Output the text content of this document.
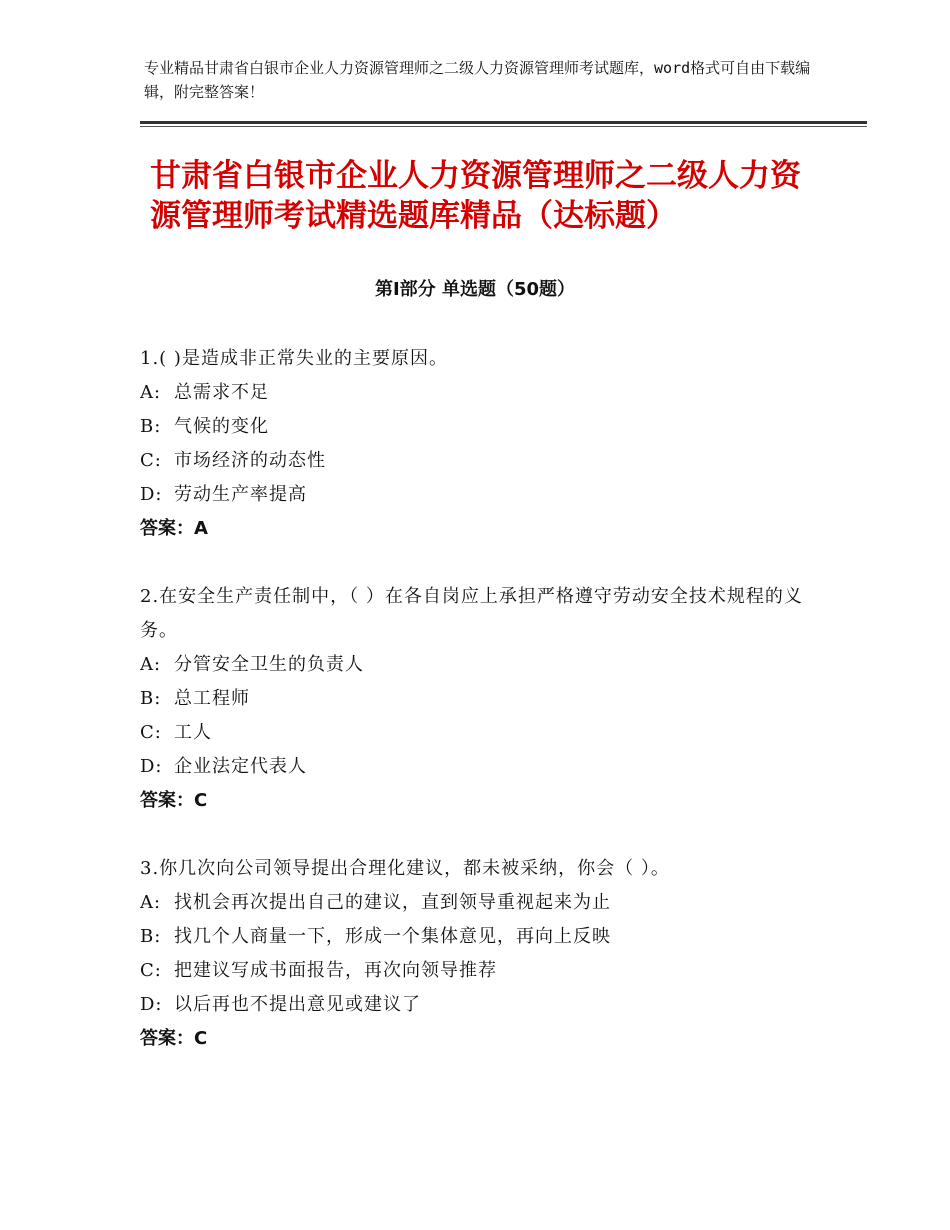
专业精品甘肃省白银市企业人力资源管理师之二级人力资源管理师考试题库，word格式可自由下载编辑，附完整答案！
甘肃省白银市企业人力资源管理师之二级人力资源管理师考试精选题库精品（达标题）
第Ⅰ部分 单选题（50题）
1.( )是造成非正常失业的主要原因。
A: 总需求不足
B: 气候的变化
C: 市场经济的动态性
D: 劳动生产率提高
答案：A
2.在安全生产责任制中，（ ）在各自岗应上承担严格遵守劳动安全技术规程的义务。
A: 分管安全卫生的负责人
B: 总工程师
C: 工人
D: 企业法定代表人
答案：C
3.你几次向公司领导提出合理化建议，都未被采纳，你会（ ）。
A: 找机会再次提出自己的建议，直到领导重视起来为止
B: 找几个人商量一下，形成一个集体意见，再向上反映
C: 把建议写成书面报告，再次向领导推荐
D: 以后再也不提出意见或建议了
答案：C
